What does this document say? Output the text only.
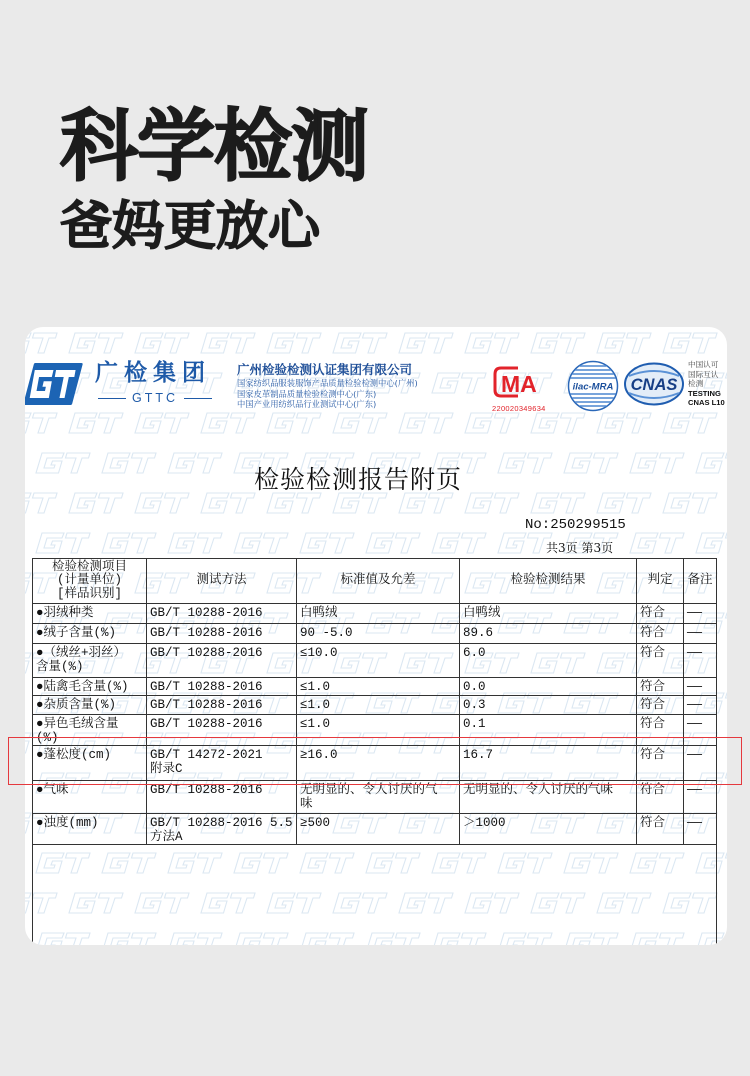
科学检测
爸妈更放心
广检集团
GTTC
广州检验检测认证集团有限公司
国家纺织品服装服饰产品质量检验检测中心(广州)
国家皮革制品质量检验检测中心(广东)
中国产业用纺织品行业测试中心(广东)
MA
220020349634
ilac-MRA CNAS
中国认可
国际互认
检测
TESTING
CNAS L10
检验检测报告附页
No:250299515
共3页 第3页
检验检测项目
(计量单位)
[样品识别]	测试方法	标准值及允差	检验检测结果	判定	备注

●羽绒种类	GB/T 10288-2016	白鸭绒	白鸭绒	符合	——
●绒子含量(%)	GB/T 10288-2016	90 -5.0	89.6	符合	——
●（绒丝+羽丝）
含量(%)	GB/T 10288-2016	≤10.0	6.0	符合	——
●陆禽毛含量(%)	GB/T 10288-2016	≤1.0	0.0	符合	——
●杂质含量(%)	GB/T 10288-2016	≤1.0	0.3	符合	——
●异色毛绒含量
(%)	GB/T 10288-2016	≤1.0	0.1	符合	——
●蓬松度(cm)	GB/T 14272-2021
附录C	≥16.0	16.7	符合	——
●气味	GB/T 10288-2016	无明显的、令人讨厌的气
味	无明显的、令人讨厌的气味	符合	——
●浊度(mm)	GB/T 10288-2016 5.5
方法A	≥500	＞1000	符合	——
